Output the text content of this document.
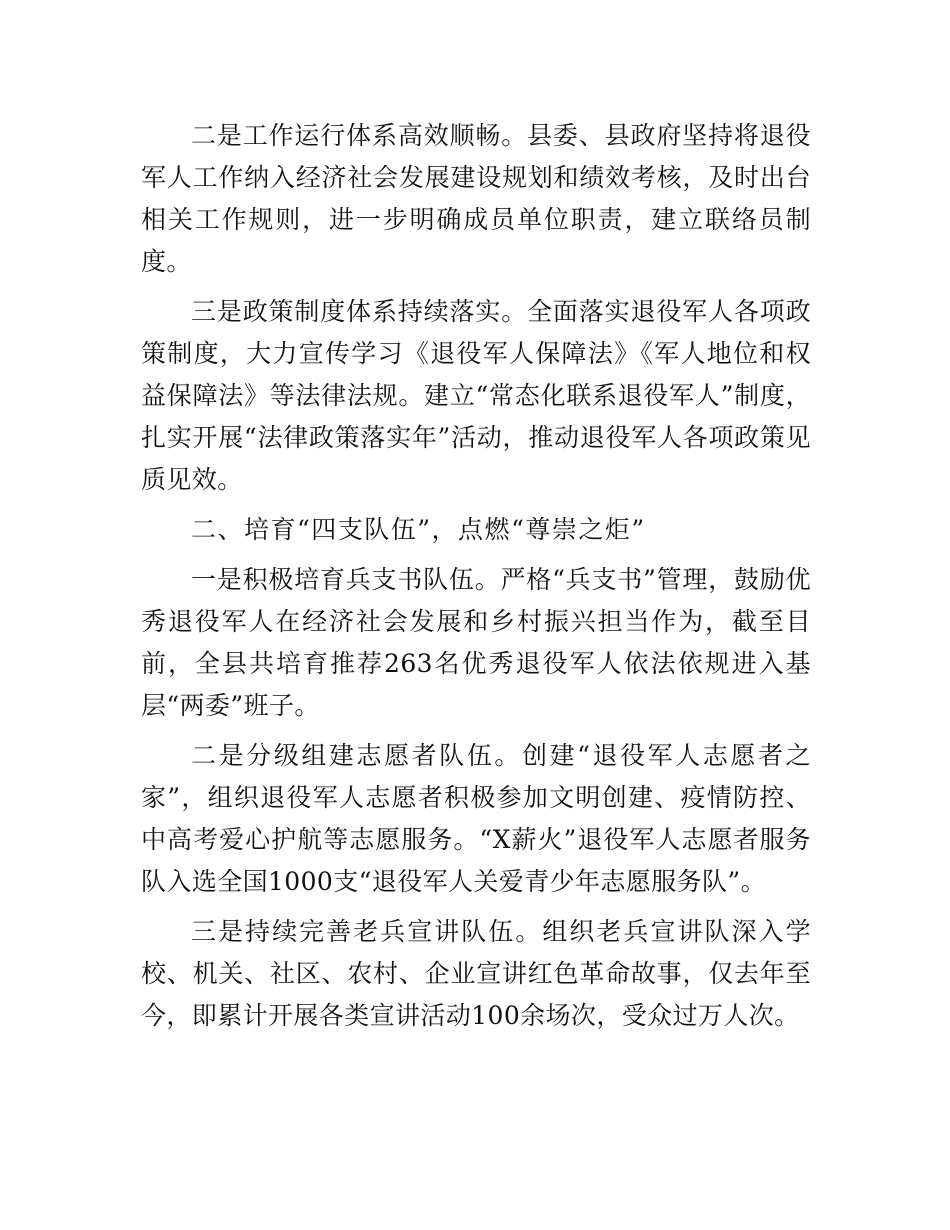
二是工作运行体系高效顺畅。县委、县政府坚持将退役军人工作纳入经济社会发展建设规划和绩效考核，及时出台相关工作规则，进一步明确成员单位职责，建立联络员制度。

三是政策制度体系持续落实。全面落实退役军人各项政策制度，大力宣传学习《退役军人保障法》《军人地位和权益保障法》等法律法规。建立“常态化联系退役军人”制度，扎实开展“法律政策落实年”活动，推动退役军人各项政策见质见效。

二、培育“四支队伍”，点燃“尊崇之炬”

一是积极培育兵支书队伍。严格“兵支书”管理，鼓励优秀退役军人在经济社会发展和乡村振兴担当作为，截至目前，全县共培育推荐263名优秀退役军人依法依规进入基层“两委”班子。

二是分级组建志愿者队伍。创建“退役军人志愿者之家”，组织退役军人志愿者积极参加文明创建、疫情防控、中高考爱心护航等志愿服务。“X薪火”退役军人志愿者服务队入选全国1000支“退役军人关爱青少年志愿服务队”。

三是持续完善老兵宣讲队伍。组织老兵宣讲队深入学校、机关、社区、农村、企业宣讲红色革命故事，仅去年至今，即累计开展各类宣讲活动100余场次，受众过万人次。
